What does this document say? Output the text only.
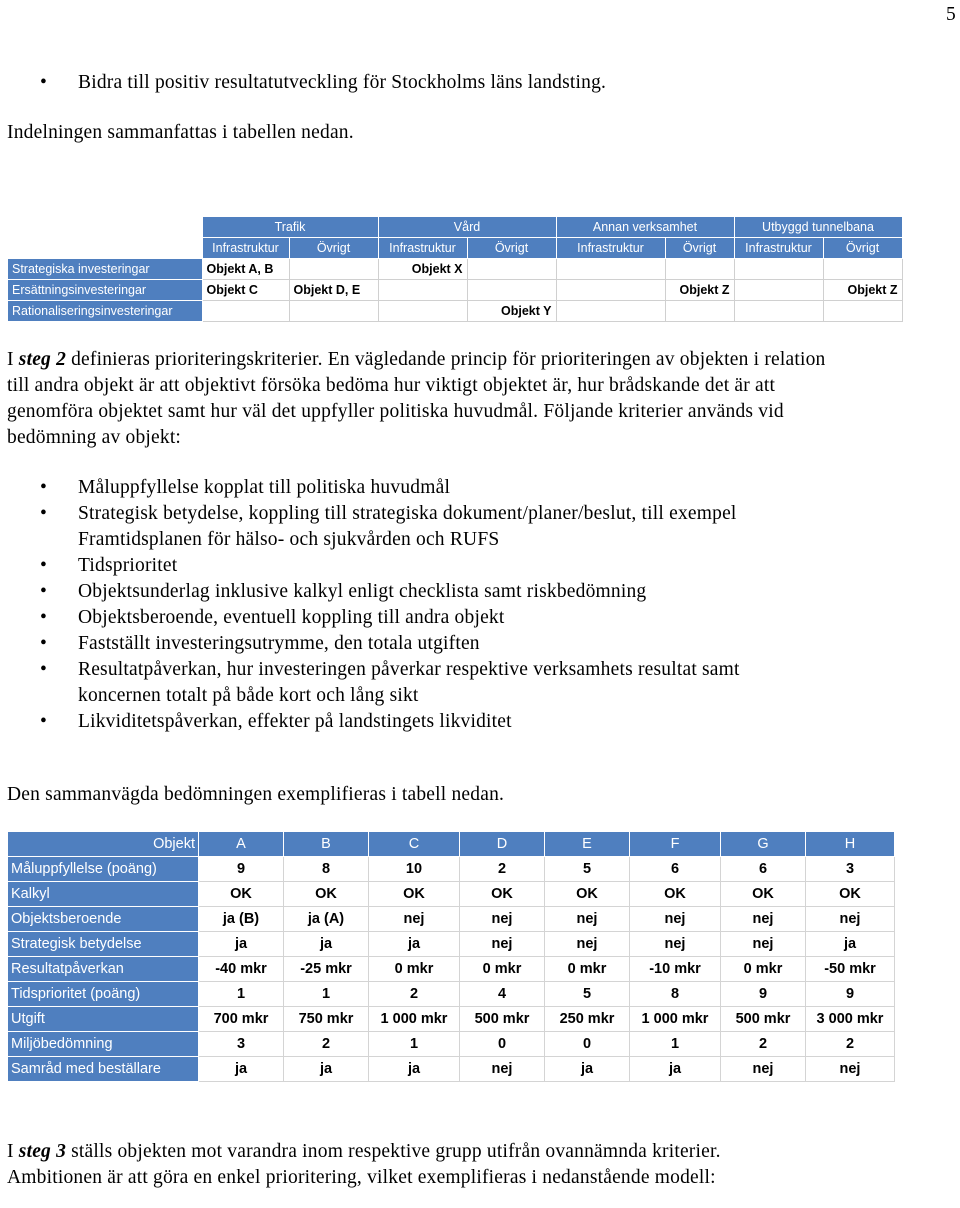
5
• Bidra till positiv resultatutveckling för Stockholms läns landsting.
Indelningen sammanfattas i tabellen nedan.
	Trafik		Vård		Annan verksamhet		Utbyggd tunnelbana	
	Infrastruktur	Övrigt	Infrastruktur	Övrigt	Infrastruktur	Övrigt	Infrastruktur	Övrigt
Strategiska investeringar	Objekt A, B		Objekt X					
Ersättningsinvesteringar	Objekt C	Objekt D, E				Objekt Z		Objekt Z
Rationaliseringsinvesteringar				Objekt Y				
I steg 2 definieras prioriteringskriterier. En vägledande princip för prioriteringen av objekten i relation till andra objekt är att objektivt försöka bedöma hur viktigt objektet är, hur brådskande det är att genomföra objektet samt hur väl det uppfyller politiska huvudmål. Följande kriterier används vid bedömning av objekt:
• Måluppfyllelse kopplat till politiska huvudmål
• Strategisk betydelse, koppling till strategiska dokument/planer/beslut, till exempel Framtidsplanen för hälso- och sjukvården och RUFS
• Tidsprioritet
• Objektsunderlag inklusive kalkyl enligt checklista samt riskbedömning
• Objektsberoende, eventuell koppling till andra objekt
• Fastställt investeringsutrymme, den totala utgiften
• Resultatpåverkan, hur investeringen påverkar respektive verksamhets resultat samt koncernen totalt på både kort och lång sikt
• Likviditetspåverkan, effekter på landstingets likviditet
Den sammanvägda bedömningen exemplifieras i tabell nedan.
Objekt	A	B	C	D	E	F	G	H
Måluppfyllelse (poäng)	9	8	10	2	5	6	6	3
Kalkyl	OK	OK	OK	OK	OK	OK	OK	OK
Objektsberoende	ja (B)	ja (A)	nej	nej	nej	nej	nej	nej
Strategisk betydelse	ja	ja	ja	nej	nej	nej	nej	ja
Resultatpåverkan	-40 mkr	-25 mkr	0 mkr	0 mkr	0 mkr	-10 mkr	0 mkr	-50 mkr
Tidsprioritet (poäng)	1	1	2	4	5	8	9	9
Utgift	700 mkr	750 mkr	1 000 mkr	500 mkr	250 mkr	1 000 mkr	500 mkr	3 000 mkr
Miljöbedömning	3	2	1	0	0	1	2	2
Samråd med beställare	ja	ja	ja	nej	ja	ja	nej	nej
I steg 3 ställs objekten mot varandra inom respektive grupp utifrån ovannämnda kriterier. Ambitionen är att göra en enkel prioritering, vilket exemplifieras i nedanstående modell:
